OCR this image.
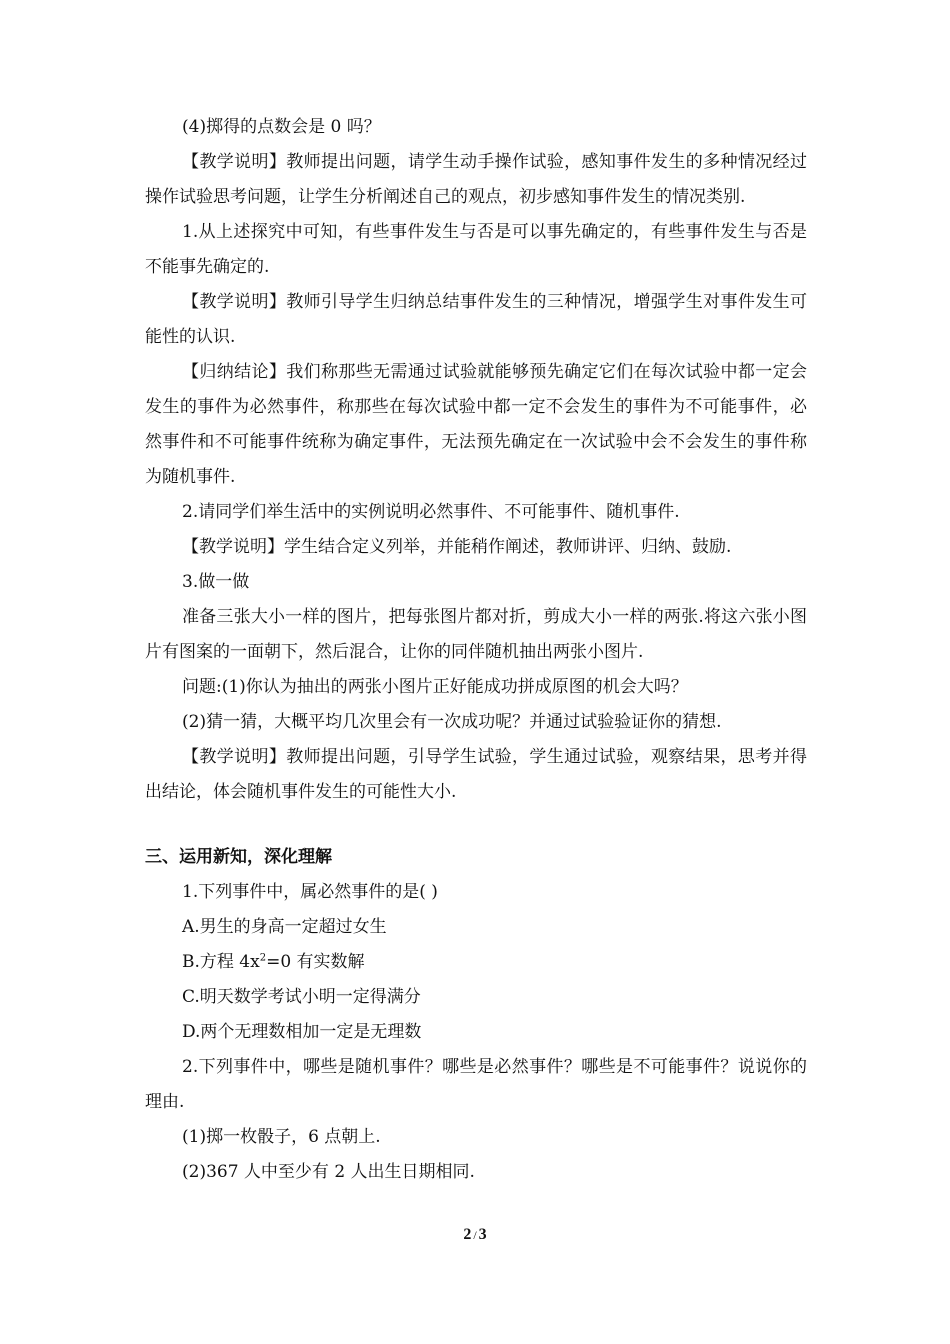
(4)掷得的点数会是 0 吗？

【教学说明】教师提出问题，请学生动手操作试验，感知事件发生的多种情况经过操作试验思考问题，让学生分析阐述自己的观点，初步感知事件发生的情况类别.

1.从上述探究中可知，有些事件发生与否是可以事先确定的，有些事件发生与否是不能事先确定的.

【教学说明】教师引导学生归纳总结事件发生的三种情况，增强学生对事件发生可能性的认识.

【归纳结论】我们称那些无需通过试验就能够预先确定它们在每次试验中都一定会发生的事件为必然事件，称那些在每次试验中都一定不会发生的事件为不可能事件，必然事件和不可能事件统称为确定事件，无法预先确定在一次试验中会不会发生的事件称为随机事件.

2.请同学们举生活中的实例说明必然事件、不可能事件、随机事件.

【教学说明】学生结合定义列举，并能稍作阐述，教师讲评、归纳、鼓励.

3.做一做

准备三张大小一样的图片，把每张图片都对折，剪成大小一样的两张.将这六张小图片有图案的一面朝下，然后混合，让你的同伴随机抽出两张小图片.

问题:(1)你认为抽出的两张小图片正好能成功拼成原图的机会大吗？

(2)猜一猜，大概平均几次里会有一次成功呢？并通过试验验证你的猜想.

【教学说明】教师提出问题，引导学生试验，学生通过试验，观察结果，思考并得出结论，体会随机事件发生的可能性大小.

三、运用新知，深化理解

1.下列事件中，属必然事件的是( )

A.男生的身高一定超过女生

B.方程 $4x^2=0$ 有实数解

C.明天数学考试小明一定得满分

D.两个无理数相加一定是无理数

2.下列事件中，哪些是随机事件？哪些是必然事件？哪些是不可能事件？说说你的理由.

(1)掷一枚骰子，6 点朝上.

(2)367 人中至少有 2 人出生日期相同.

2 / 3
